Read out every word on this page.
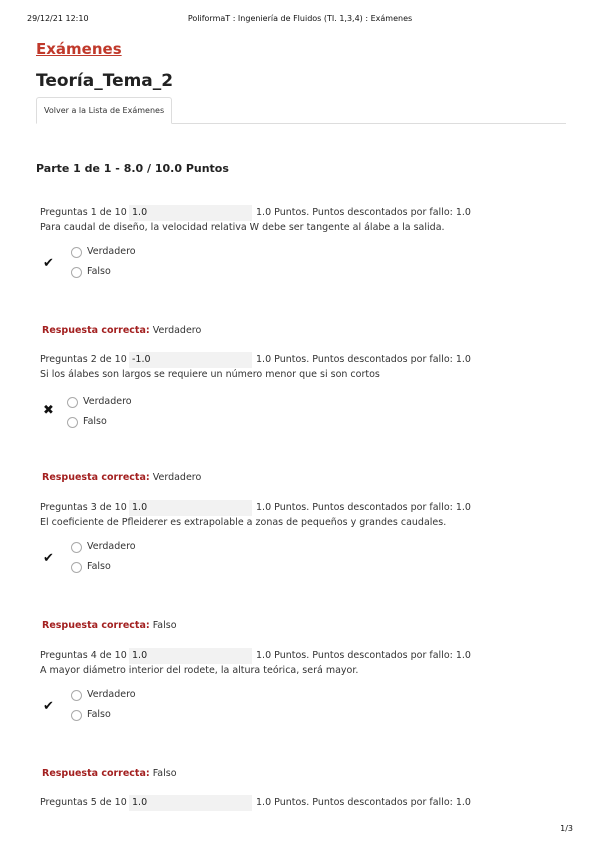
29/12/21 12:10	PoliformaT : Ingeniería de Fluidos (TI. 1,3,4) : Exámenes
Exámenes
Teoría_Tema_2
Volver a la Lista de Exámenes
Parte 1 de 1 - 8.0 / 10.0 Puntos
Preguntas 1 de 10 1.0	1.0 Puntos. Puntos descontados por fallo: 1.0
Para caudal de diseño, la velocidad relativa W debe ser tangente al álabe a la salida.
✔
Verdadero
Falso
Respuesta correcta: Verdadero
Preguntas 2 de 10 -1.0	1.0 Puntos. Puntos descontados por fallo: 1.0
Si los álabes son largos se requiere un número menor que si son cortos
✖
Verdadero
Falso
Respuesta correcta: Verdadero
Preguntas 3 de 10 1.0	1.0 Puntos. Puntos descontados por fallo: 1.0
El coeficiente de Pfleiderer es extrapolable a zonas de pequeños y grandes caudales.
✔
Verdadero
Falso
Respuesta correcta: Falso
Preguntas 4 de 10 1.0	1.0 Puntos. Puntos descontados por fallo: 1.0
A mayor diámetro interior del rodete, la altura teórica, será mayor.
✔
Verdadero
Falso
Respuesta correcta: Falso
Preguntas 5 de 10 1.0	1.0 Puntos. Puntos descontados por fallo: 1.0
1/3
